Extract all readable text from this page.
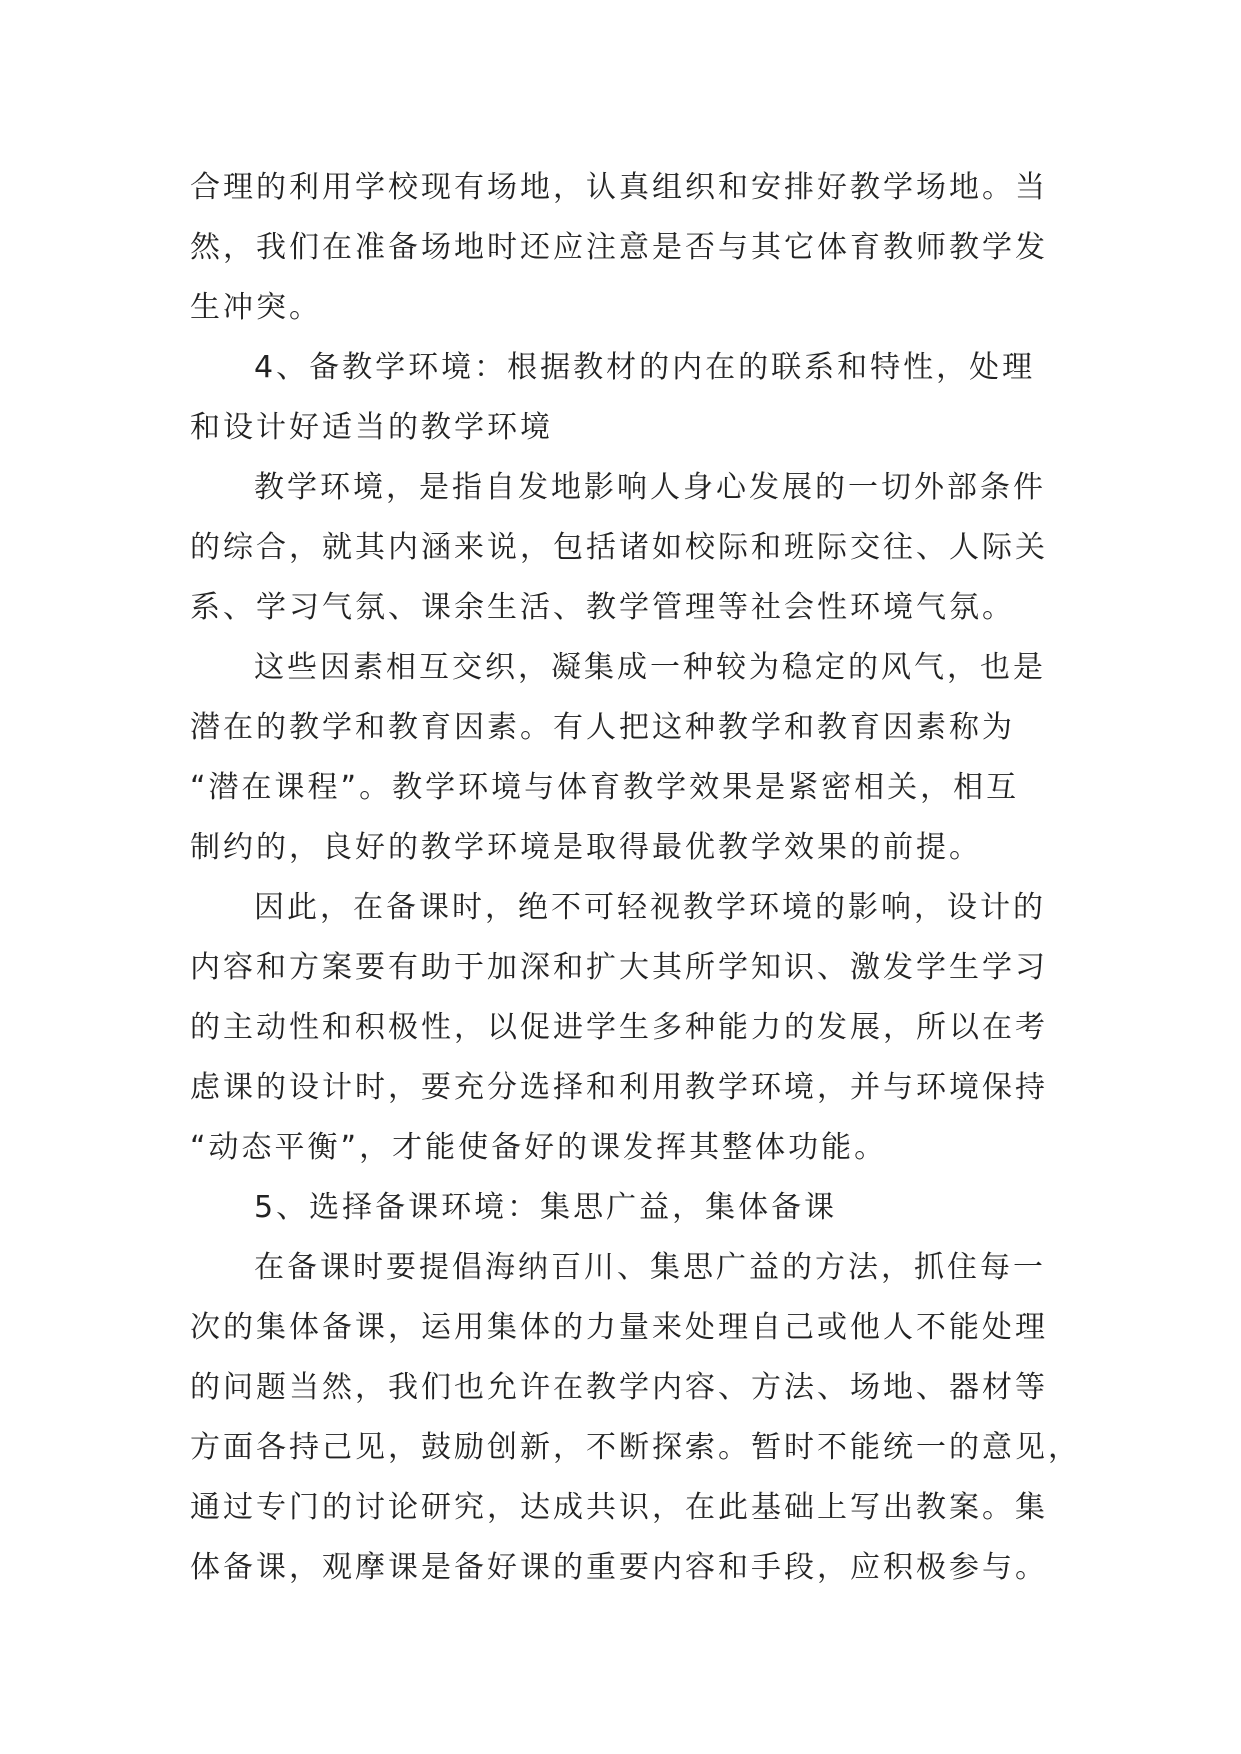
合理的利用学校现有场地，认真组织和安排好教学场地。当
然，我们在准备场地时还应注意是否与其它体育教师教学发
生冲突。
4、备教学环境：根据教材的内在的联系和特性，处理
和设计好适当的教学环境
教学环境，是指自发地影响人身心发展的一切外部条件
的综合，就其内涵来说，包括诸如校际和班际交往、人际关
系、学习气氛、课余生活、教学管理等社会性环境气氛。
这些因素相互交织，凝集成一种较为稳定的风气，也是
潜在的教学和教育因素。有人把这种教学和教育因素称为
“潜在课程”。教学环境与体育教学效果是紧密相关，相互
制约的，良好的教学环境是取得最优教学效果的前提。
因此，在备课时，绝不可轻视教学环境的影响，设计的
内容和方案要有助于加深和扩大其所学知识、激发学生学习
的主动性和积极性，以促进学生多种能力的发展，所以在考
虑课的设计时，要充分选择和利用教学环境，并与环境保持
“动态平衡”，才能使备好的课发挥其整体功能。
5、选择备课环境：集思广益，集体备课
在备课时要提倡海纳百川、集思广益的方法，抓住每一
次的集体备课，运用集体的力量来处理自己或他人不能处理
的问题当然，我们也允许在教学内容、方法、场地、器材等
方面各持己见，鼓励创新，不断探索。暂时不能统一的意见，
通过专门的讨论研究，达成共识，在此基础上写出教案。集
体备课，观摩课是备好课的重要内容和手段，应积极参与。
